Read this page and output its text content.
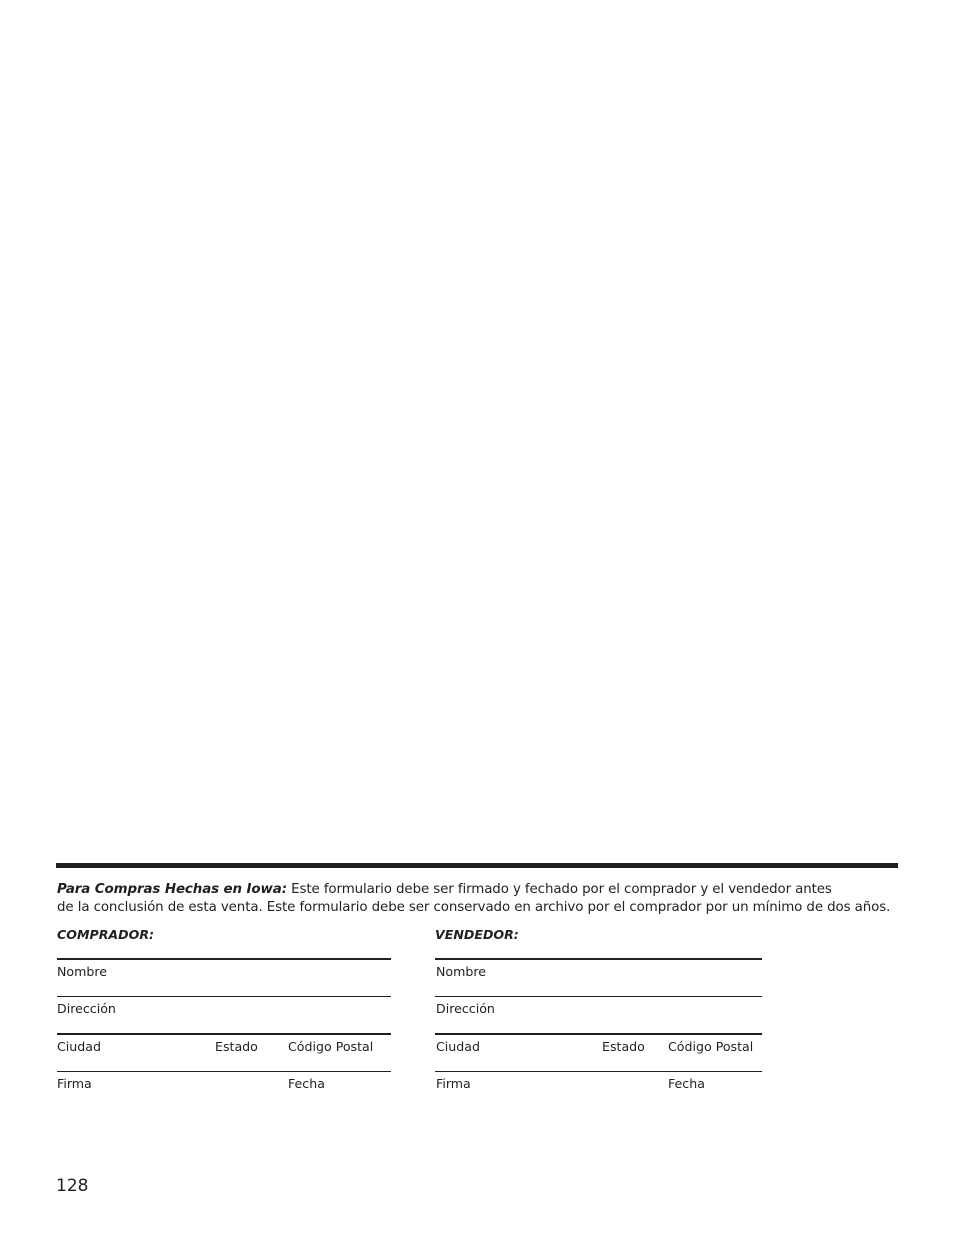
Para Compras Hechas en Iowa: Este formulario debe ser firmado y fechado por el comprador y el vendedor antes
de la conclusión de esta venta. Este formulario debe ser conservado en archivo por el comprador por un mínimo de dos años.
COMPRADOR:
Nombre
Dirección
Ciudad	Estado Código Postal
Firma	Fecha
VENDEDOR:
Nombre
Dirección
Ciudad	Estado Código Postal
Firma	Fecha
128
